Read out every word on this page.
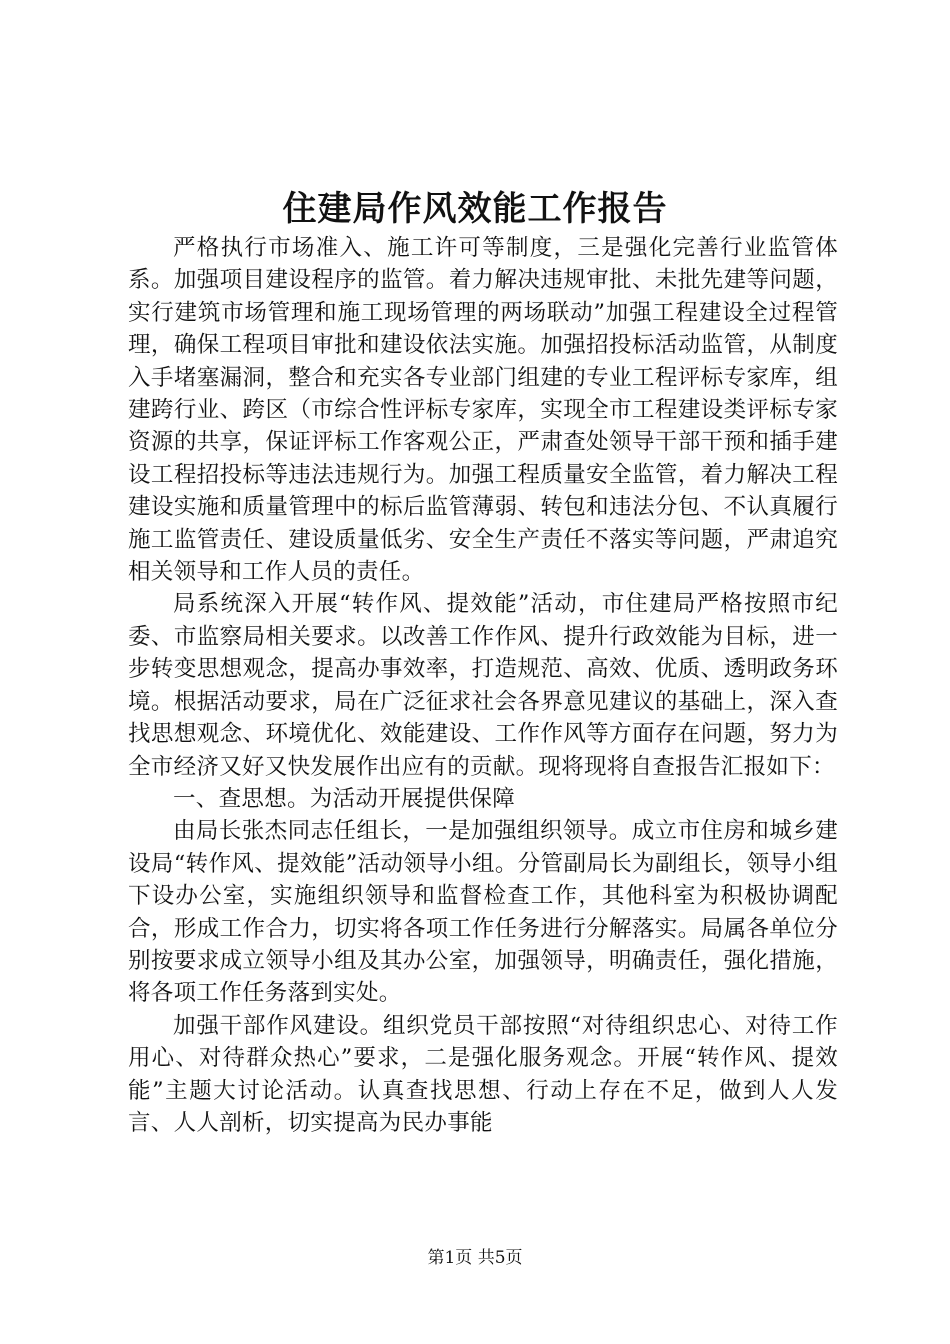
住建局作风效能工作报告

严格执行市场准入、施工许可等制度，三是强化完善行业监管体系。加强项目建设程序的监管。着力解决违规审批、未批先建等问题，实行建筑市场管理和施工现场管理的两场联动”加强工程建设全过程管理，确保工程项目审批和建设依法实施。加强招投标活动监管，从制度入手堵塞漏洞，整合和充实各专业部门组建的专业工程评标专家库，组建跨行业、跨区（市综合性评标专家库，实现全市工程建设类评标专家资源的共享，保证评标工作客观公正，严肃查处领导干部干预和插手建设工程招投标等违法违规行为。加强工程质量安全监管，着力解决工程建设实施和质量管理中的标后监管薄弱、转包和违法分包、不认真履行施工监管责任、建设质量低劣、安全生产责任不落实等问题，严肃追究相关领导和工作人员的责任。

局系统深入开展“转作风、提效能”活动，市住建局严格按照市纪委、市监察局相关要求。以改善工作作风、提升行政效能为目标，进一步转变思想观念，提高办事效率，打造规范、高效、优质、透明政务环境。根据活动要求，局在广泛征求社会各界意见建议的基础上，深入查找思想观念、环境优化、效能建设、工作作风等方面存在问题，努力为全市经济又好又快发展作出应有的贡献。现将现将自查报告汇报如下：

一、查思想。为活动开展提供保障

由局长张杰同志任组长，一是加强组织领导。成立市住房和城乡建设局“转作风、提效能”活动领导小组。分管副局长为副组长，领导小组下设办公室，实施组织领导和监督检查工作，其他科室为积极协调配合，形成工作合力，切实将各项工作任务进行分解落实。局属各单位分别按要求成立领导小组及其办公室，加强领导，明确责任，强化措施，将各项工作任务落到实处。

加强干部作风建设。组织党员干部按照“对待组织忠心、对待工作用心、对待群众热心”要求，二是强化服务观念。开展“转作风、提效能”主题大讨论活动。认真查找思想、行动上存在不足，做到人人发言、人人剖析，切实提高为民办事能

第1页 共5页
